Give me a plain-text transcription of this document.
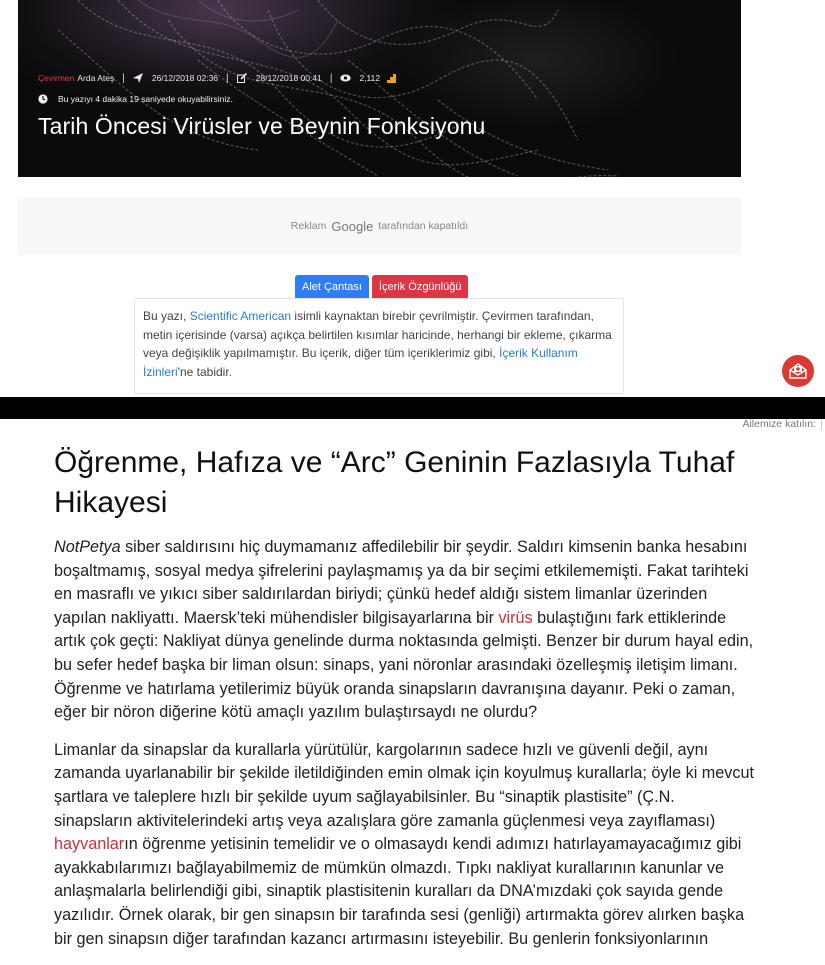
Çevirmen Arda Ateş |	26/12/2018 02:36 |	28/12/2018 00:41 |	2,112
Bu yazıyı 4 dakika 19 saniyede okuyabilirsiniz.
Tarih Öncesi Virüsler ve Beynin Fonksiyonu
Reklam Google tarafından kapatıldı
Alet Çantası	İçerik Özgünlüğü
Bu yazı, Scientific American isimli kaynaktan birebir çevrilmiştir. Çevirmen tarafından, metin içerisinde (varsa) açıkça belirtilen kısımlar haricinde, herhangi bir ekleme, çıkarma veya değişiklik yapılmamıştır. Bu içerik, diğer tüm içeriklerimiz gibi, İçerik Kullanım İzinleri'ne tabidir.
Ailemize katılın:
Öğrenme, Hafıza ve “Arc” Geninin Fazlasıyla Tuhaf Hikayesi

NotPetya siber saldırısını hiç duymamanız affedilebilir bir şeydir. Saldırı kimsenin banka hesabını boşaltmamış, sosyal medya şifrelerini paylaşmamış ya da bir seçimi etkilememişti. Fakat tarihteki en masraflı ve yıkıcı siber saldırılardan biriydi; çünkü hedef aldığı sistem limanlar üzerinden yapılan nakliyattı. Maersk’teki mühendisler bilgisayarlarına bir virüs bulaştığını fark ettiklerinde artık çok geçti: Nakliyat dünya genelinde durma noktasında gelmişti. Benzer bir durum hayal edin, bu sefer hedef başka bir liman olsun: sinaps, yani nöronlar arasındaki özelleşmiş iletişim limanı. Öğrenme ve hatırlama yetilerimiz büyük oranda sinapsların davranışına dayanır. Peki o zaman, eğer bir nöron diğerine kötü amaçlı yazılım bulaştırsaydı ne olurdu?

Limanlar da sinapslar da kurallarla yürütülür, kargolarının sadece hızlı ve güvenli değil, aynı zamanda uyarlanabilir bir şekilde iletildiğinden emin olmak için koyulmuş kurallarla; öyle ki mevcut şartlara ve taleplere hızlı bir şekilde uyum sağlayabilsinler. Bu “sinaptik plastisite” (Ç.N. sinapsların aktivitelerindeki artış veya azalışlara göre zamanla güçlenmesi veya zayıflaması) hayvanların öğrenme yetisinin temelidir ve o olmasaydı kendi adımızı hatırlayamayacağımız gibi ayakkabılarımızı bağlayabilmemiz de mümkün olmazdı. Tıpkı nakliyat kurallarının kanunlar ve anlaşmalarla belirlendiği gibi, sinaptik plastisitenin kuralları da DNA’mızdaki çok sayıda gende yazılıdır. Örnek olarak, bir gen sinapsın bir tarafında sesi (genliği) artırmakta görev alırken başka bir gen sinapsın diğer tarafından kazancı artırmasını isteyebilir. Bu genlerin fonksiyonlarının
